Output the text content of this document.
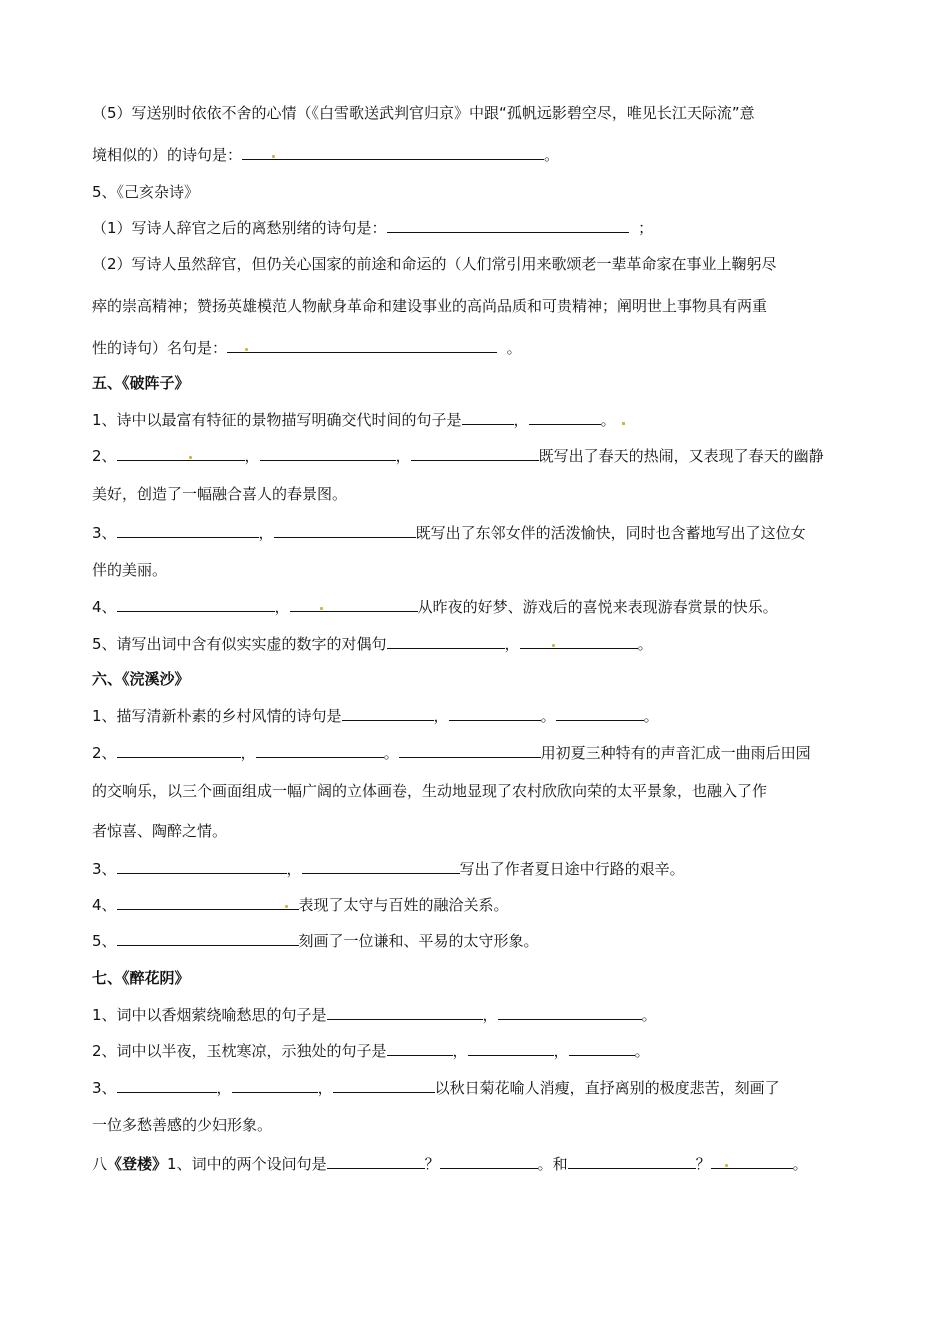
（5）写送别时依依不舍的心情（《白雪歌送武判官归京》中跟“孤帆远影碧空尽，唯见长江天际流”意
境相似的）的诗句是：	。
5、《己亥杂诗》
（1）写诗人辞官之后的离愁别绪的诗句是：	；
（2）写诗人虽然辞官，但仍关心国家的前途和命运的（人们常引用来歌颂老一辈革命家在事业上鞠躬尽
瘁的崇高精神；赞扬英雄模范人物献身革命和建设事业的高尚品质和可贵精神；阐明世上事物具有两重
性的诗句）名句是：	。
五、《破阵子》
1、诗中以最富有特征的景物描写明确交代时间的句子是	，	。
2、	，	，	既写出了春天的热闹，又表现了春天的幽静
美好，创造了一幅融合喜人的春景图。
3、	，	既写出了东邻女伴的活泼愉快，同时也含蓄地写出了这位女
伴的美丽。
4、	，	从昨夜的好梦、游戏后的喜悦来表现游春赏景的快乐。
5、请写出词中含有似实实虚的数字的对偶句	，	。
六、《浣溪沙》
1、描写清新朴素的乡村风情的诗句是	，	。	。
2、	，	。	用初夏三种特有的声音汇成一曲雨后田园
的交响乐，以三个画面组成一幅广阔的立体画卷，生动地显现了农村欣欣向荣的太平景象，也融入了作
者惊喜、陶醉之情。
3、	，	写出了作者夏日途中行路的艰辛。
4、	表现了太守与百姓的融洽关系。
5、	刻画了一位谦和、平易的太守形象。
七、《醉花阴》
1、词中以香烟萦绕喻愁思的句子是	，	。
2、词中以半夜，玉枕寒凉，示独处的句子是	，	，	。
3、	，	，	以秋日菊花喻人消瘦，直抒离别的极度悲苦，刻画了
一位多愁善感的少妇形象。
八《登楼》1、词中的两个设问句是	？	。和	？	。
